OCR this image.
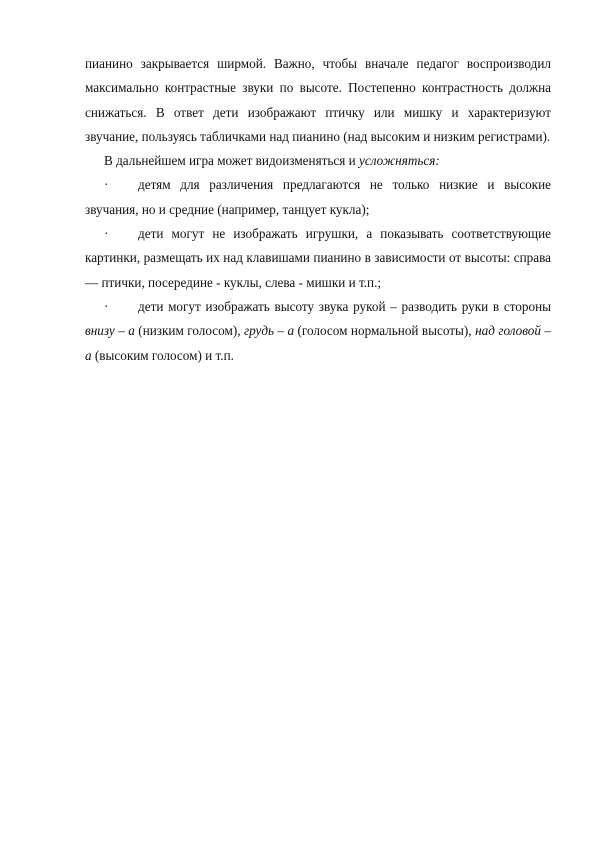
пианино закрывается ширмой. Важно, чтобы вначале педагог воспроизводил максимально контрастные звуки по высоте. Постепенно контрастность должна снижаться. В ответ дети изображают птичку или мишку и характеризуют звучание, пользуясь табличками над пианино (над высоким и низким регистрами).

В дальнейшем игра может видоизменяться и усложняться:

· детям для различения предлагаются не только низкие и высокие звучания, но и средние (например, танцует кукла);

· дети могут не изображать игрушки, а показывать соответствующие картинки, размещать их над клавишами пианино в зависимости от высоты: справа — птички, посередине - куклы, слева - мишки и т.п.;

· дети могут изображать высоту звука рукой – разводить руки в стороны внизу – а (низким голосом), грудь – а (голосом нормальной высоты), над головой – а (высоким голосом) и т.п.
